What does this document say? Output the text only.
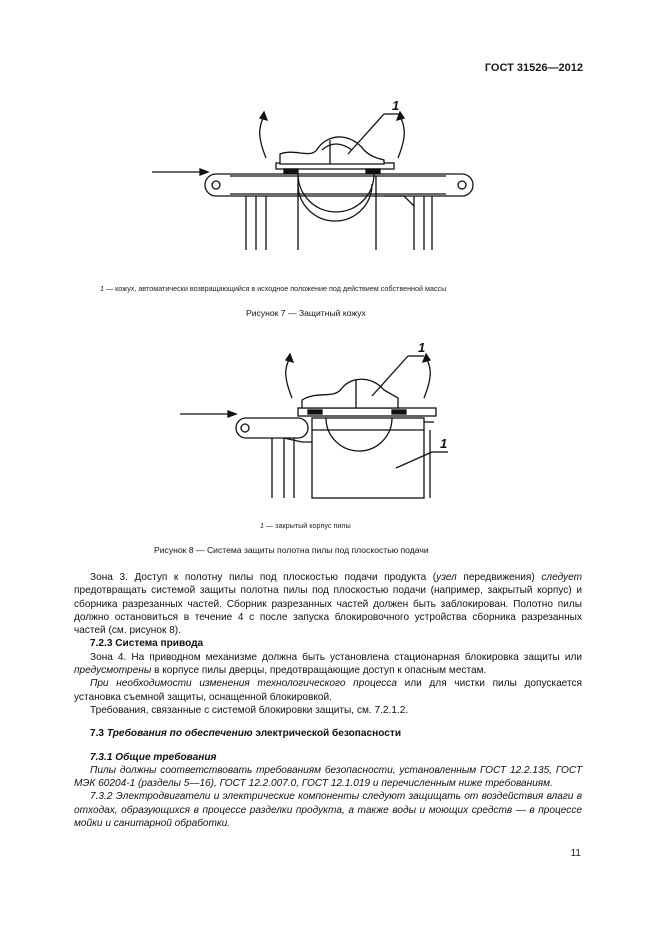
ГОСТ 31526—2012
1
1 — кожух, автоматически возвращающийся в исходное положение под действием собственной массы
Рисунок 7 — Защитный кожух
1
1
1 — закрытый корпус пилы
Рисунок 8 — Система защиты полотна пилы под плоскостью подачи

Зона 3. Доступ к полотну пилы под плоскостью подачи продукта (узел передвижения) следует предотвращать системой защиты полотна пилы под плоскостью подачи (например, закрытый корпус) и сборника разрезанных частей. Сборник разрезанных частей должен быть заблокирован. Полотно пилы должно остановиться в течение 4 с после запуска блокировочного устройства сборника разрезанных частей (см. рисунок 8).

7.2.3 Система привода

Зона 4. На приводном механизме должна быть установлена стационарная блокировка защиты или предусмотрены в корпусе пилы дверцы, предотвращающие доступ к опасным местам.

При необходимости изменения технологического процесса или для чистки пилы допускается установка съемной защиты, оснащенной блокировкой.

Требования, связанные с системой блокировки защиты, см. 7.2.1.2.

7.3 Требования по обеспечению электрической безопасности

7.3.1 Общие требования

Пилы должны соответствовать требованиям безопасности, установленным ГОСТ 12.2.135, ГОСТ МЭК 60204-1 (разделы 5—16), ГОСТ 12.2.007.0, ГОСТ 12.1.019 и перечисленным ниже требованиям.

7.3.2 Электродвигатели и электрические компоненты следуют защищать от воздействия влаги в отходах, образующихся в процессе разделки продукта, а также воды и моющих средств — в процессе мойки и санитарной обработки.

11
